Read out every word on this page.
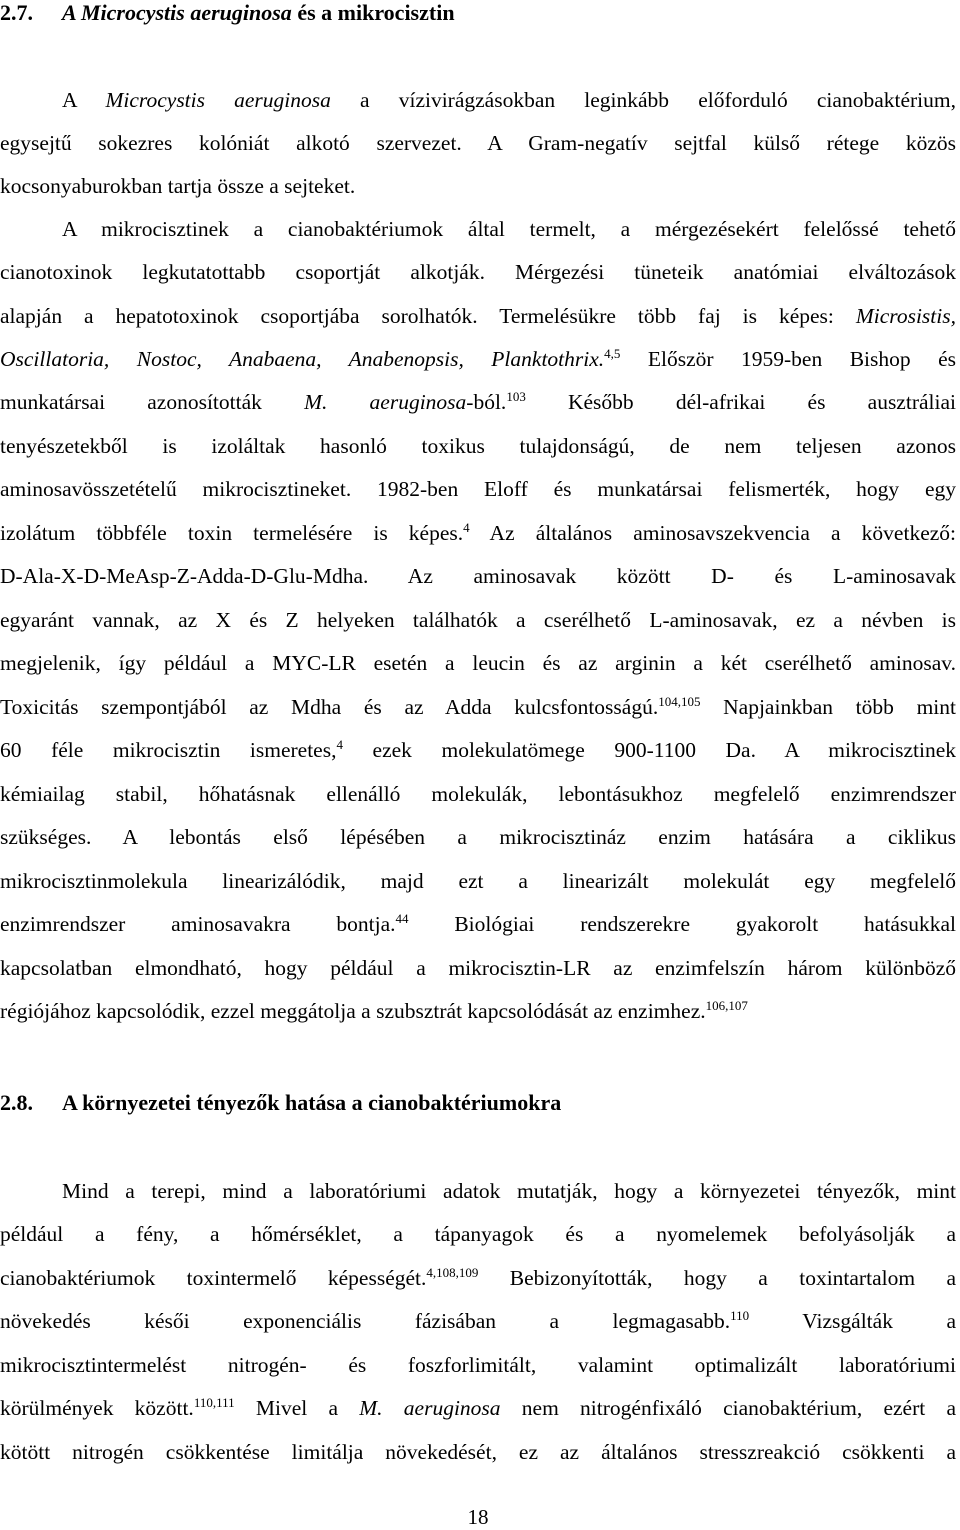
2.7. A Microcystis aeruginosa és a mikrocisztin
A Microcystis aeruginosa a vízivirágzásokban leginkább előforduló cianobaktérium,
egysejtű sokezres kolóniát alkotó szervezet. A Gram-negatív sejtfal külső rétege közös
kocsonyaburokban tartja össze a sejteket.
A mikrocisztinek a cianobaktériumok által termelt, a mérgezésekért felelőssé tehető
cianotoxinok legkutatottabb csoportját alkotják. Mérgezési tüneteik anatómiai elváltozások
alapján a hepatotoxinok csoportjába sorolhatók. Termelésükre több faj is képes: Microsistis,
Oscillatoria, Nostoc, Anabaena, Anabenopsis, Planktothrix.$^{4,5}$ Először 1959-ben Bishop és
munkatársai azonosították M. aeruginosa-ból.$^{103}$ Később dél-afrikai és ausztráliai
tenyészetekből is izoláltak hasonló toxikus tulajdonságú, de nem teljesen azonos
aminosavösszetételű mikrocisztineket. 1982-ben Eloff és munkatársai felismerték, hogy egy
izolátum többféle toxin termelésére is képes.$^4$ Az általános aminosavszekvencia a következő:
D-Ala-X-D-MeAsp-Z-Adda-D-Glu-Mdha. Az aminosavak között D- és L-aminosavak
egyaránt vannak, az X és Z helyeken találhatók a cserélhető L-aminosavak, ez a névben is
megjelenik, így például a MYC-LR esetén a leucin és az arginin a két cserélhető aminosav.
Toxicitás szempontjából az Mdha és az Adda kulcsfontosságú.$^{104,105}$ Napjainkban több mint
60 féle mikrocisztin ismeretes,$^4$ ezek molekulatömege 900-1100 Da. A mikrocisztinek
kémiailag stabil, hőhatásnak ellenálló molekulák, lebontásukhoz megfelelő enzimrendszer
szükséges. A lebontás első lépésében a mikrocisztináz enzim hatására a ciklikus
mikrocisztinmolekula linearizálódik, majd ezt a linearizált molekulát egy megfelelő
enzimrendszer aminosavakra bontja.$^{44}$ Biológiai rendszerekre gyakorolt hatásukkal
kapcsolatban elmondható, hogy például a mikrocisztin-LR az enzimfelszín három különböző
régiójához kapcsolódik, ezzel meggátolja a szubsztrát kapcsolódását az enzimhez.$^{106,107}$
2.8. A környezetei tényezők hatása a cianobaktériumokra
Mind a terepi, mind a laboratóriumi adatok mutatják, hogy a környezetei tényezők, mint
például a fény, a hőmérséklet, a tápanyagok és a nyomelemek befolyásolják a
cianobaktériumok toxintermelő képességét.$^{4,108,109}$ Bebizonyították, hogy a toxintartalom a
növekedés késői exponenciális fázisában a legmagasabb.$^{110}$ Vizsgálták a
mikrocisztintermelést nitrogén- és foszforlimitált, valamint optimalizált laboratóriumi
körülmények között.$^{110,111}$ Mivel a M. aeruginosa nem nitrogénfixáló cianobaktérium, ezért a
kötött nitrogén csökkentése limitálja növekedését, ez az általános stresszreakció csökkenti a
18
